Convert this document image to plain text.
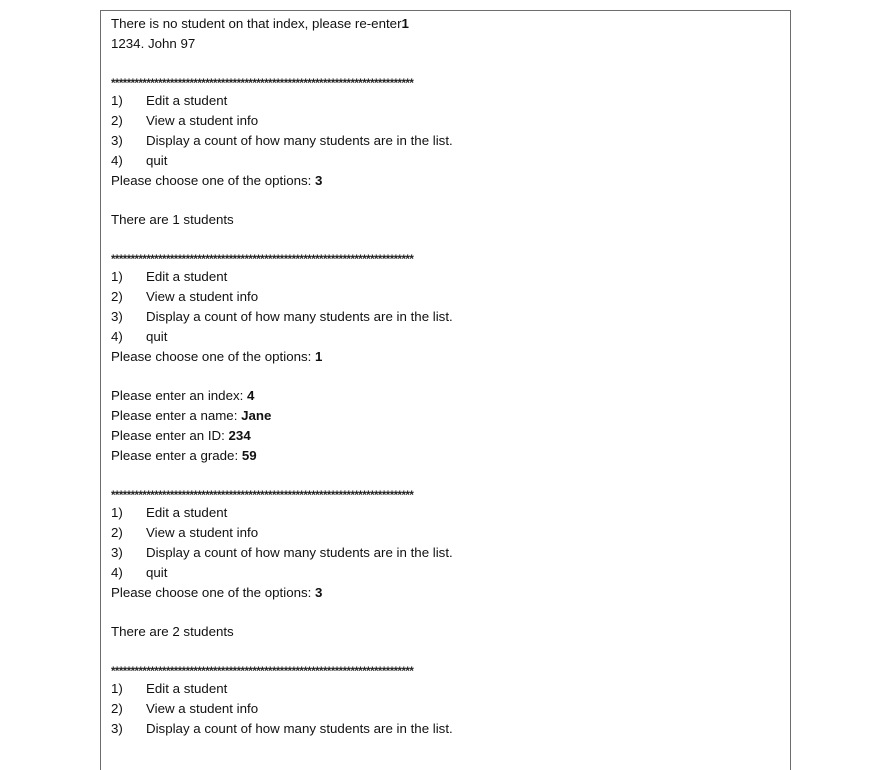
There is no student on that index, please re-enter1
1234. John 97
*****************************************************************************
1)	Edit a student
2)	View a student info
3)	Display a count of how many students are in the list.
4)	quit
Please choose one of the options: 3
There are 1 students
*****************************************************************************
1)	Edit a student
2)	View a student info
3)	Display a count of how many students are in the list.
4)	quit
Please choose one of the options: 1
Please enter an index: 4
Please enter a name: Jane
Please enter an ID: 234
Please enter a grade: 59
*****************************************************************************
1)	Edit a student
2)	View a student info
3)	Display a count of how many students are in the list.
4)	quit
Please choose one of the options: 3
There are 2 students
*****************************************************************************
1)	Edit a student
2)	View a student info
3)	Display a count of how many students are in the list.
